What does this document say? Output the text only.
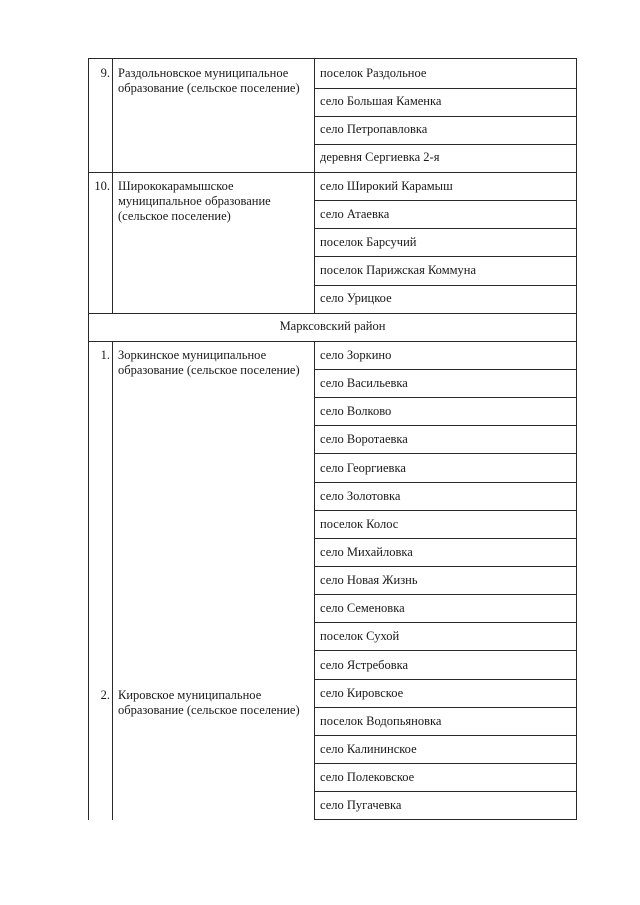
9. Раздольновское муниципальное образование (сельское поселение)
поселок Раздольное
село Большая Каменка
село Петропавловка
деревня Сергиевка 2-я
10. Ширококарамышское муниципальное образование (сельское поселение)
село Широкий Карамыш
село Атаевка
поселок Барсучий
поселок Парижская Коммуна
село Урицкое
Марксовский район
1. Зоркинское муниципальное образование (сельское поселение)
село Зоркино
село Васильевка
село Волково
село Воротаевка
село Георгиевка
село Золотовка
поселок Колос
село Михайловка
село Новая Жизнь
село Семеновка
поселок Сухой
село Ястребовка
2. Кировское муниципальное образование (сельское поселение)
село Кировское
поселок Водопьяновка
село Калининское
село Полековское
село Пугачевка
